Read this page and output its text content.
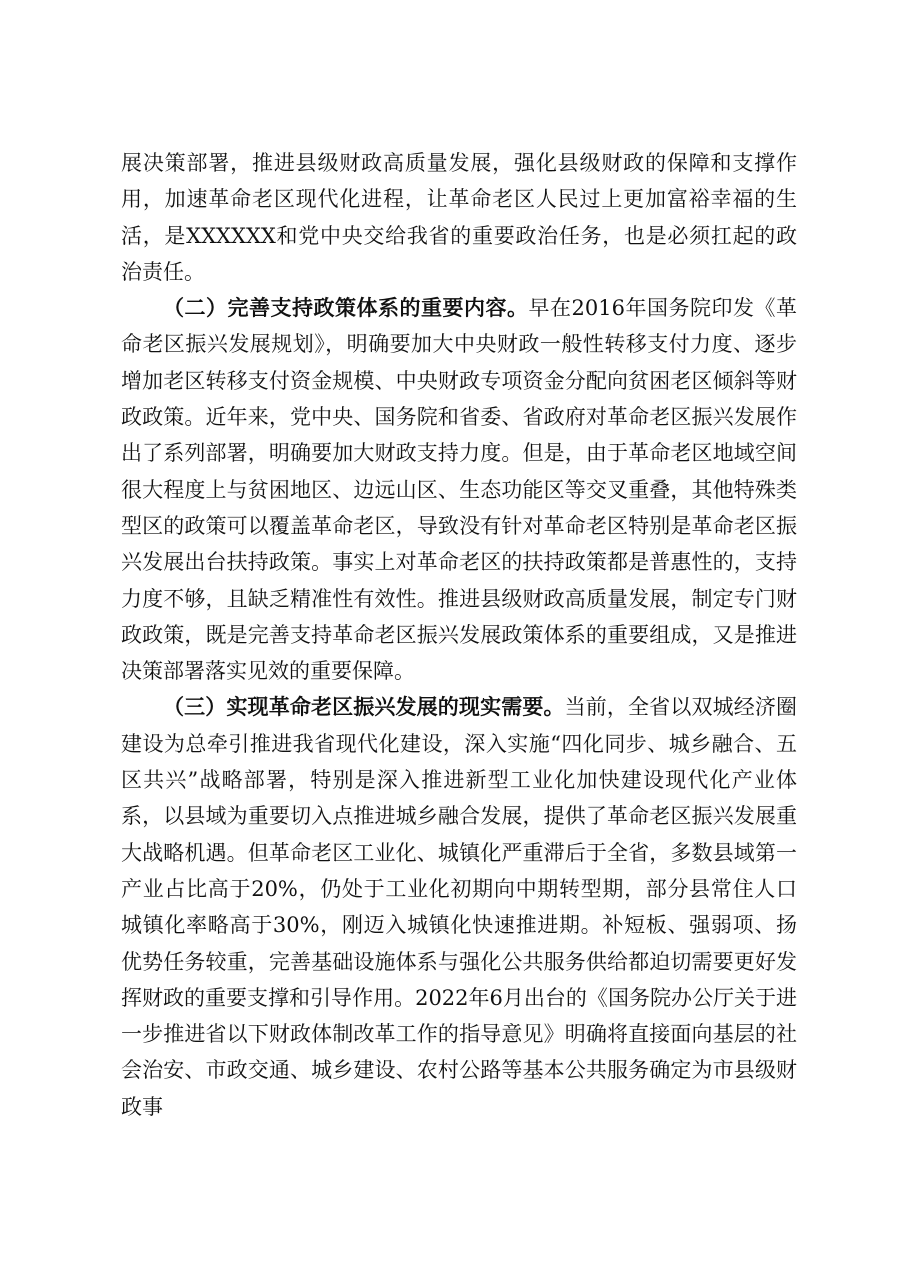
展决策部署，推进县级财政高质量发展，强化县级财政的保障和支撑作用，加速革命老区现代化进程，让革命老区人民过上更加富裕幸福的生活，是XXXXXX和党中央交给我省的重要政治任务，也是必须扛起的政治责任。

（二）完善支持政策体系的重要内容。早在2016年国务院印发《革命老区振兴发展规划》，明确要加大中央财政一般性转移支付力度、逐步增加老区转移支付资金规模、中央财政专项资金分配向贫困老区倾斜等财政政策。近年来，党中央、国务院和省委、省政府对革命老区振兴发展作出了系列部署，明确要加大财政支持力度。但是，由于革命老区地域空间很大程度上与贫困地区、边远山区、生态功能区等交叉重叠，其他特殊类型区的政策可以覆盖革命老区，导致没有针对革命老区特别是革命老区振兴发展出台扶持政策。事实上对革命老区的扶持政策都是普惠性的，支持力度不够，且缺乏精准性有效性。推进县级财政高质量发展，制定专门财政政策，既是完善支持革命老区振兴发展政策体系的重要组成，又是推进决策部署落实见效的重要保障。

（三）实现革命老区振兴发展的现实需要。当前，全省以双城经济圈建设为总牵引推进我省现代化建设，深入实施“四化同步、城乡融合、五区共兴”战略部署，特别是深入推进新型工业化加快建设现代化产业体系，以县域为重要切入点推进城乡融合发展，提供了革命老区振兴发展重大战略机遇。但革命老区工业化、城镇化严重滞后于全省，多数县域第一产业占比高于20%，仍处于工业化初期向中期转型期，部分县常住人口城镇化率略高于30%，刚迈入城镇化快速推进期。补短板、强弱项、扬优势任务较重，完善基础设施体系与强化公共服务供给都迫切需要更好发挥财政的重要支撑和引导作用。2022年6月出台的《国务院办公厅关于进一步推进省以下财政体制改革工作的指导意见》明确将直接面向基层的社会治安、市政交通、城乡建设、农村公路等基本公共服务确定为市县级财政事
